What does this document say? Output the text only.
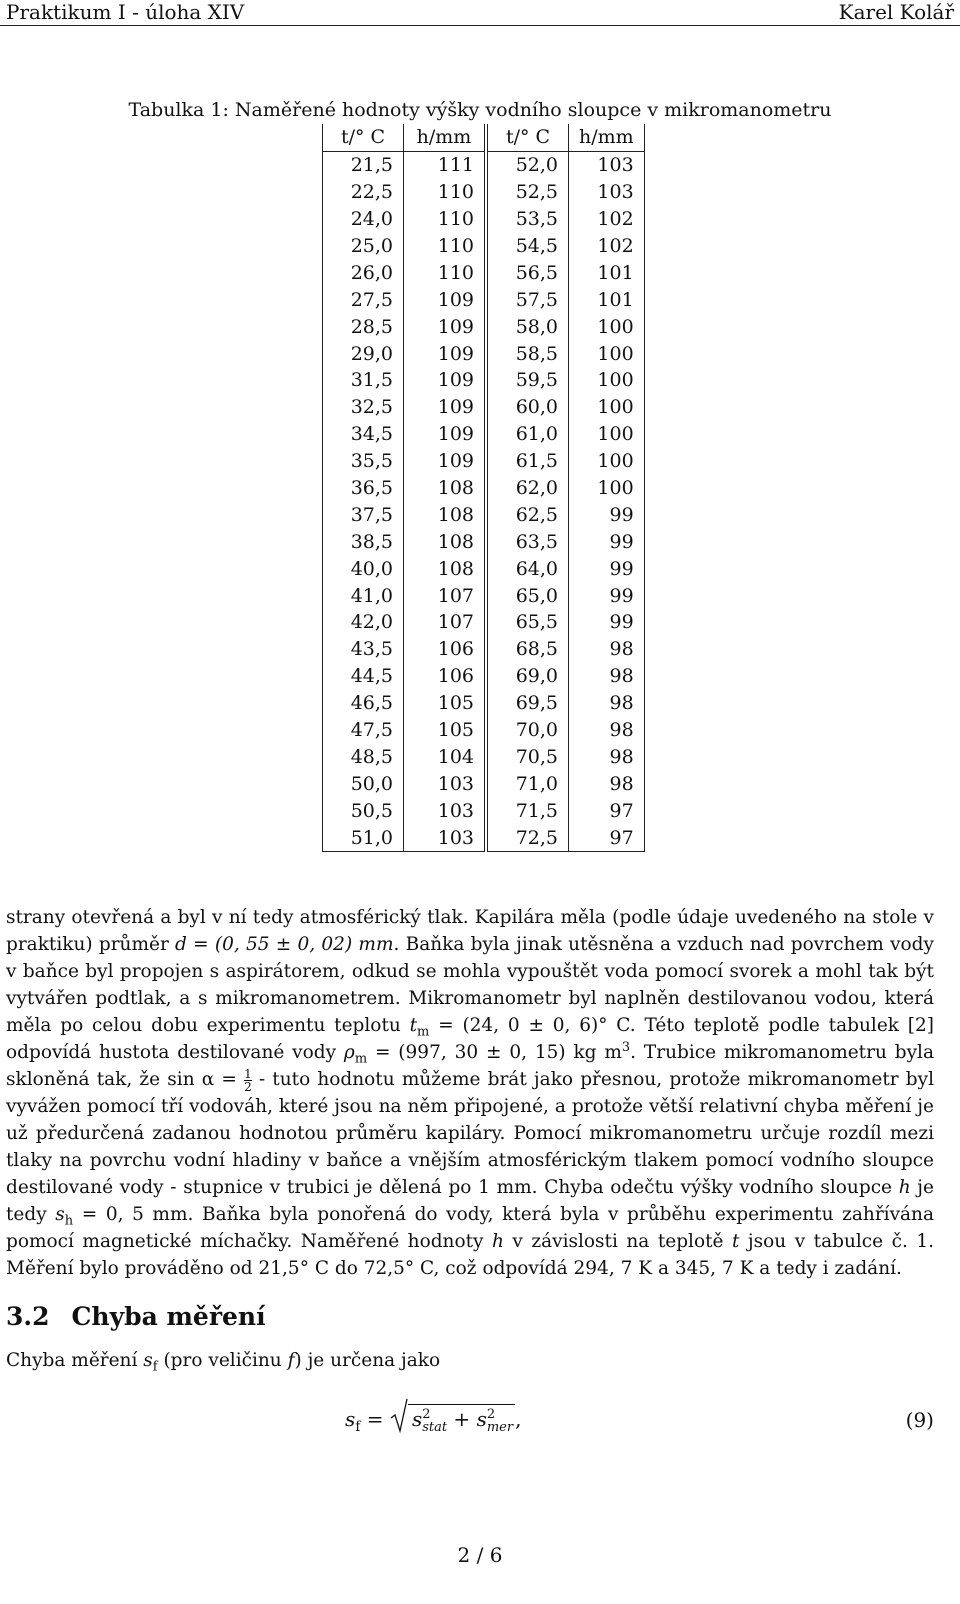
Praktikum I - úloha XIV	Karel Kolář
Tabulka 1: Naměřené hodnoty výšky vodního sloupce v mikromanometru
t/° C	h/mm	t/° C	h/mm
21,5	111	52,0	103
22,5	110	52,5	103
24,0	110	53,5	102
25,0	110	54,5	102
26,0	110	56,5	101
27,5	109	57,5	101
28,5	109	58,0	100
29,0	109	58,5	100
31,5	109	59,5	100
32,5	109	60,0	100
34,5	109	61,0	100
35,5	109	61,5	100
36,5	108	62,0	100
37,5	108	62,5	99
38,5	108	63,5	99
40,0	108	64,0	99
41,0	107	65,0	99
42,0	107	65,5	99
43,5	106	68,5	98
44,5	106	69,0	98
46,5	105	69,5	98
47,5	105	70,0	98
48,5	104	70,5	98
50,0	103	71,0	98
50,5	103	71,5	97
51,0	103	72,5	97
strany otevřená a byl v ní tedy atmosférický tlak. Kapilára měla (podle údaje uvedeného na stole v praktiku) průměr d = (0, 55 ± 0, 02) mm. Baňka byla jinak utěsněna a vzduch nad povrchem vody v baňce byl propojen s aspirátorem, odkud se mohla vypouštět voda pomocí svorek a mohl tak být vytvářen podtlak, a s mikromanometrem. Mikromanometr byl naplněn destilovanou vodou, která měla po celou dobu experimentu teplotu $t_m = (24$, 0 ± 0, 6)° C. Této teplotě podle tabulek [2] odpovídá hustota destilované vody $\rho_m = (997$, 30 ± 0, 15) kg $m^3$. Trubice mikromanometru byla skloněná tak, že $\sin \alpha = \frac{1}{2}$ - tuto hodnotu můžeme brát jako přesnou, protože mikromanometr byl vyvážen pomocí tří vodováh, které jsou na něm připojené, a protože větší relativní chyba měření je už předurčená zadanou hodnotou průměru kapiláry. Pomocí mikromanometru určuje rozdíl mezi tlaky na povrchu vodní hladiny v baňce a vnějším atmosférickým tlakem pomocí vodního sloupce destilované vody - stupnice v trubici je dělená po 1 mm. Chyba odečtu výšky vodního sloupce h je tedy $s_h = 0$, 5 mm. Baňka byla ponořená do vody, která byla v průběhu experimentu zahřívána pomocí magnetické míchačky. Naměřené hodnoty h v závislosti na teplotě t jsou v tabulce č. 1. Měření bylo prováděno od 21,5° C do 72,5° C, což odpovídá 294, 7 K a 345, 7 K a tedy i zadání.
3.2 Chyba měření
Chyba měření $s_f$ (pro veličinu f) je určena jako
$s_f$ =
s 2
stat + s 2
mer ,	(9)
2 / 6
